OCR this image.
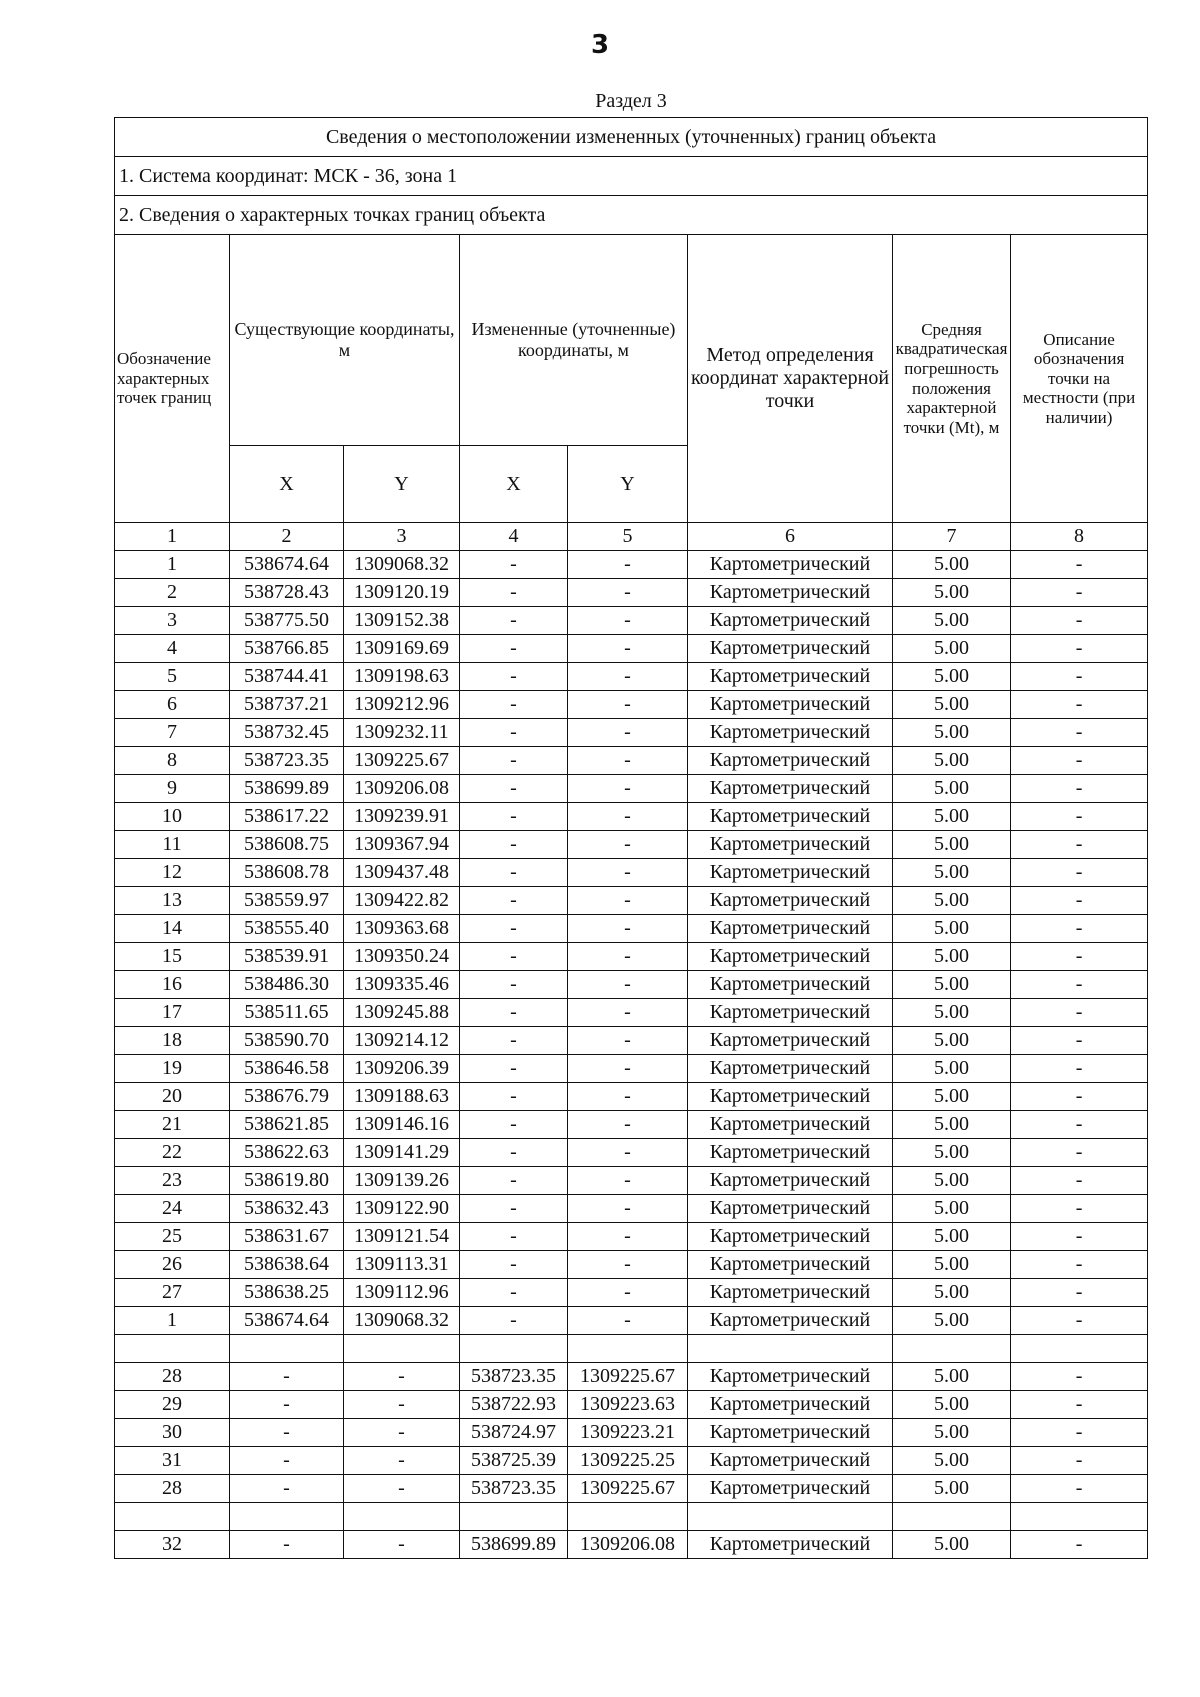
3
Раздел 3
Сведения о местоположении измененных (уточненных) границ объекта							
1. Система координат: МСК - 36, зона 1							
2. Сведения о характерных точках границ объекта							
Обозначение характерных точек границ	Существующие координаты, м		Измененные (уточненные) координаты, м		Метод определения координат характерной точки	Средняя квадратическая погрешность положения характерной точки (Mt), м	Описание обозначения точки на местности (при наличии)
	X	Y	X	Y			
1	2	3	4	5	6	7	8
1	538674.64	1309068.32	-	-	Картометрический	5.00	-
2	538728.43	1309120.19	-	-	Картометрический	5.00	-
3	538775.50	1309152.38	-	-	Картометрический	5.00	-
4	538766.85	1309169.69	-	-	Картометрический	5.00	-
5	538744.41	1309198.63	-	-	Картометрический	5.00	-
6	538737.21	1309212.96	-	-	Картометрический	5.00	-
7	538732.45	1309232.11	-	-	Картометрический	5.00	-
8	538723.35	1309225.67	-	-	Картометрический	5.00	-
9	538699.89	1309206.08	-	-	Картометрический	5.00	-
10	538617.22	1309239.91	-	-	Картометрический	5.00	-
11	538608.75	1309367.94	-	-	Картометрический	5.00	-
12	538608.78	1309437.48	-	-	Картометрический	5.00	-
13	538559.97	1309422.82	-	-	Картометрический	5.00	-
14	538555.40	1309363.68	-	-	Картометрический	5.00	-
15	538539.91	1309350.24	-	-	Картометрический	5.00	-
16	538486.30	1309335.46	-	-	Картометрический	5.00	-
17	538511.65	1309245.88	-	-	Картометрический	5.00	-
18	538590.70	1309214.12	-	-	Картометрический	5.00	-
19	538646.58	1309206.39	-	-	Картометрический	5.00	-
20	538676.79	1309188.63	-	-	Картометрический	5.00	-
21	538621.85	1309146.16	-	-	Картометрический	5.00	-
22	538622.63	1309141.29	-	-	Картометрический	5.00	-
23	538619.80	1309139.26	-	-	Картометрический	5.00	-
24	538632.43	1309122.90	-	-	Картометрический	5.00	-
25	538631.67	1309121.54	-	-	Картометрический	5.00	-
26	538638.64	1309113.31	-	-	Картометрический	5.00	-
27	538638.25	1309112.96	-	-	Картометрический	5.00	-
1	538674.64	1309068.32	-	-	Картометрический	5.00	-

28	-	-	538723.35	1309225.67	Картометрический	5.00	-
29	-	-	538722.93	1309223.63	Картометрический	5.00	-
30	-	-	538724.97	1309223.21	Картометрический	5.00	-
31	-	-	538725.39	1309225.25	Картометрический	5.00	-
28	-	-	538723.35	1309225.67	Картометрический	5.00	-

32	-	-	538699.89	1309206.08	Картометрический	5.00	-
